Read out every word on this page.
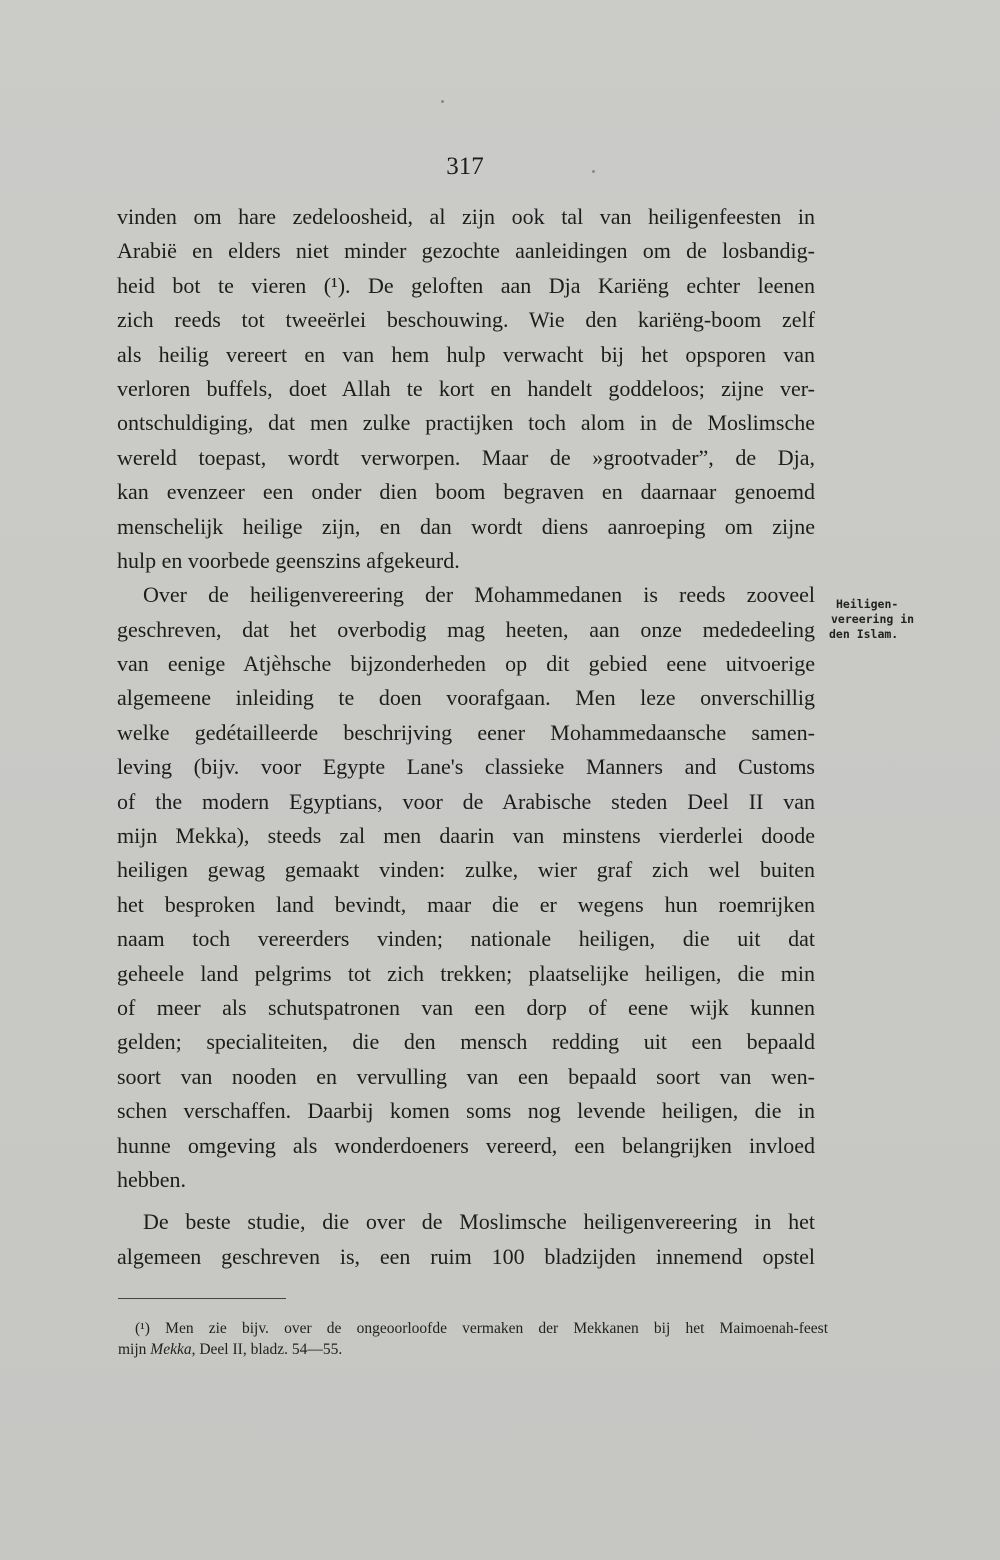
317
vinden om hare zedeloosheid, al zijn ook tal van heiligenfeesten in
Arabië en elders niet minder gezochte aanleidingen om de losbandig-
heid bot te vieren (¹). De geloften aan Dja Kariëng echter leenen
zich reeds tot tweeërlei beschouwing. Wie den kariëng-boom zelf
als heilig vereert en van hem hulp verwacht bij het opsporen van
verloren buffels, doet Allah te kort en handelt goddeloos; zijne ver-
ontschuldiging, dat men zulke practijken toch alom in de Moslimsche
wereld toepast, wordt verworpen. Maar de »grootvader”, de Dja,
kan evenzeer een onder dien boom begraven en daarnaar genoemd
menschelijk heilige zijn, en dan wordt diens aanroeping om zijne
hulp en voorbede geenszins afgekeurd.
Over de heiligenvereering der Mohammedanen is reeds zooveel
geschreven, dat het overbodig mag heeten, aan onze mededeeling
van eenige Atjèhsche bijzonderheden op dit gebied eene uitvoerige
algemeene inleiding te doen voorafgaan. Men leze onverschillig
welke gedétailleerde beschrijving eener Mohammedaansche samen-
leving (bijv. voor Egypte Lane's classieke Manners and Customs
of the modern Egyptians, voor de Arabische steden Deel II van
mijn Mekka), steeds zal men daarin van minstens vierderlei doode
heiligen gewag gemaakt vinden: zulke, wier graf zich wel buiten
het besproken land bevindt, maar die er wegens hun roemrijken
naam toch vereerders vinden; nationale heiligen, die uit dat
geheele land pelgrims tot zich trekken; plaatselijke heiligen, die min
of meer als schutspatronen van een dorp of eene wijk kunnen
gelden; specialiteiten, die den mensch redding uit een bepaald
soort van nooden en vervulling van een bepaald soort van wen-
schen verschaffen. Daarbij komen soms nog levende heiligen, die in
hunne omgeving als wonderdoeners vereerd, een belangrijken invloed
hebben.
De beste studie, die over de Moslimsche heiligenvereering in het
algemeen geschreven is, een ruim 100 bladzijden innemend opstel
Heiligen-
vereering in
den Islam.
(¹) Men zie bijv. over de ongeoorloofde vermaken der Mekkanen bij het Maimoenah-feest
mijn Mekka, Deel II, bladz. 54—55.
